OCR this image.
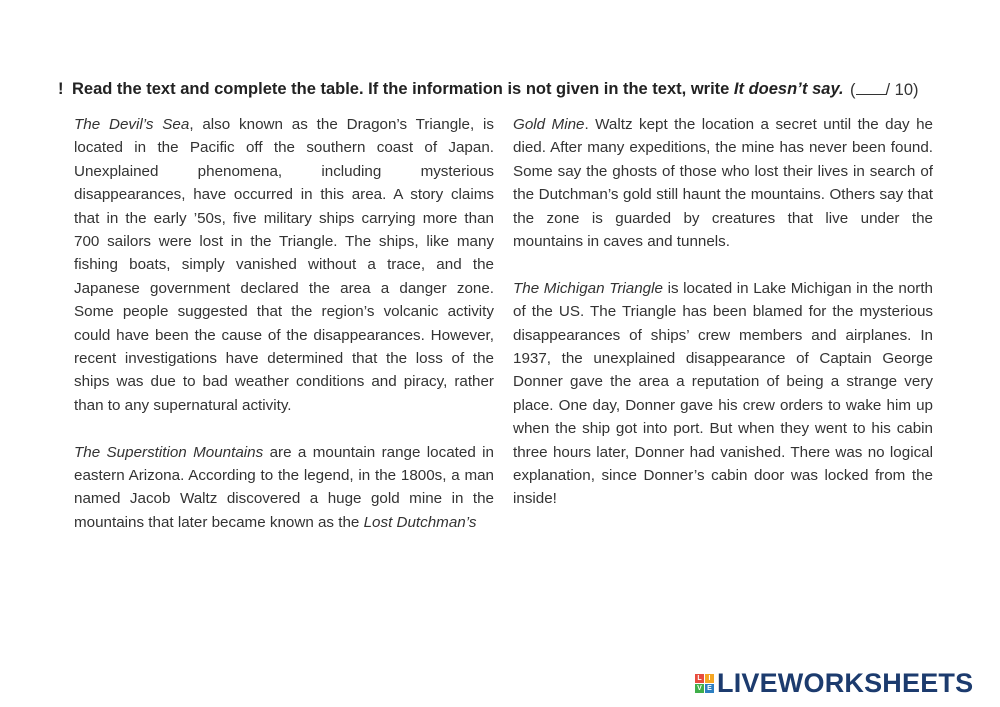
! Read the text and complete the table. If the information is not given in the text, write It doesn’t say. ( / 10)

The Devil’s Sea, also known as the Dragon’s Triangle, is located in the Pacific off the southern coast of Japan. Unexplained phenomena, including mysterious disappearances, have occurred in this area. A story claims that in the early ’50s, five military ships carrying more than 700 sailors were lost in the Triangle. The ships, like many fishing boats, simply vanished without a trace, and the Japanese government declared the area a danger zone. Some people suggested that the region’s volcanic activity could have been the cause of the disappearances. However, recent investigations have determined that the loss of the ships was due to bad weather conditions and piracy, rather than to any supernatural activity.

The Superstition Mountains are a mountain range located in eastern Arizona. According to the legend, in the 1800s, a man named Jacob Waltz discovered a huge gold mine in the mountains that later became known as the Lost Dutchman’s

Gold Mine. Waltz kept the location a secret until the day he died. After many expeditions, the mine has never been found. Some say the ghosts of those who lost their lives in search of the Dutchman’s gold still haunt the mountains. Others say that the zone is guarded by creatures that live under the mountains in caves and tunnels.

The Michigan Triangle is located in Lake Michigan in the north of the US. The Triangle has been blamed for the mysterious disappearances of ships’ crew members and airplanes. In 1937, the unexplained disappearance of Captain George Donner gave the area a reputation of being a strange very place. One day, Donner gave his crew orders to wake him up when the ship got into port. But when they went to his cabin three hours later, Donner had vanished. There was no logical explanation, since Donner’s cabin door was locked from the inside!

L I
V E LIVEWORKSHEETS
